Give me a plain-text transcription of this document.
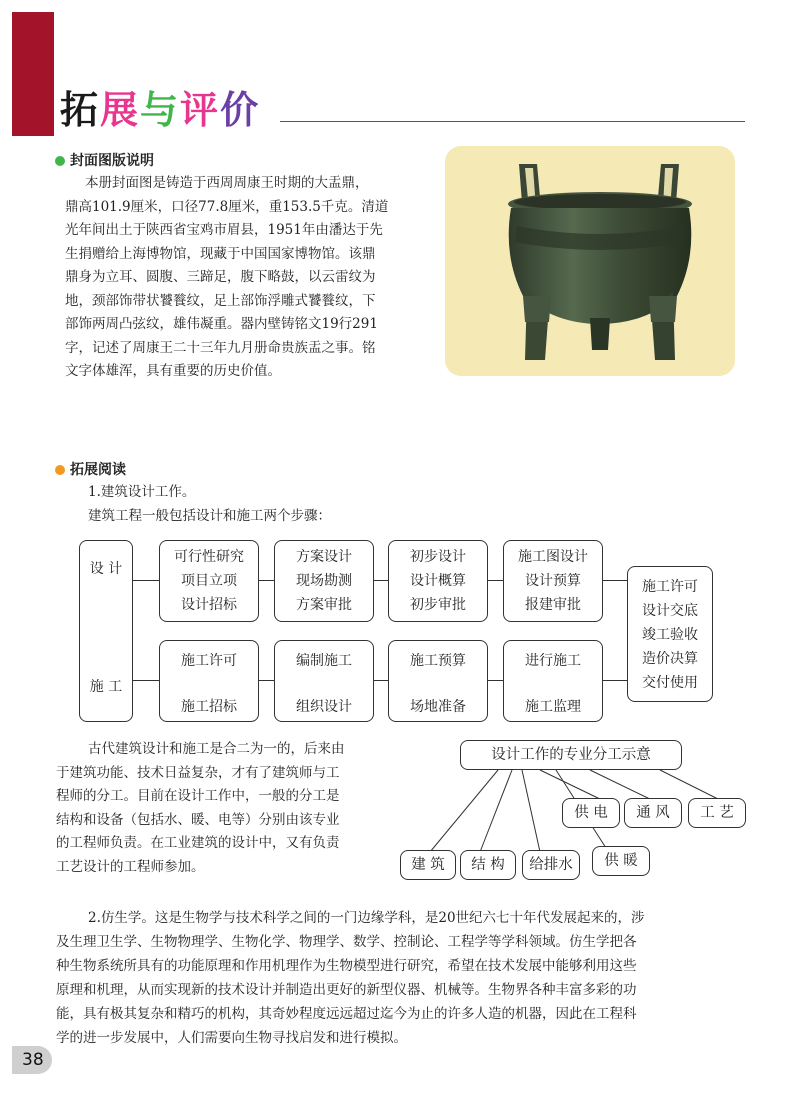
拓展与评价
封面图版说明
本册封面图是铸造于西周周康王时期的大盂鼎，
鼎高101.9厘米，口径77.8厘米，重153.5千克。清道
光年间出土于陕西省宝鸡市眉县，1951年由潘达于先
生捐赠给上海博物馆，现藏于中国国家博物馆。该鼎
鼎身为立耳、圆腹、三蹄足，腹下略鼓，以云雷纹为
地，颈部饰带状饕餮纹，足上部饰浮雕式饕餮纹，下
部饰两周凸弦纹，雄伟凝重。器内壁铸铭文19行291
字，记述了周康王二十三年九月册命贵族盂之事。铭
文字体雄浑，具有重要的历史价值。
拓展阅读
1.建筑设计工作。
建筑工程一般包括设计和施工两个步骤：
设 计
施 工
可行性研究
项目立项
设计招标
方案设计
现场勘测
方案审批
初步设计
设计概算
初步审批
施工图设计
设计预算
报建审批
施工许可
施工招标
编制施工
组织设计
施工预算
场地准备
进行施工
施工监理
施工许可
设计交底
竣工验收
造价决算
交付使用
古代建筑设计和施工是合二为一的，后来由
于建筑功能、技术日益复杂，才有了建筑师与工
程师的分工。目前在设计工作中，一般的分工是
结构和设备（包括水、暖、电等）分别由该专业
的工程师负责。在工业建筑的设计中，又有负责
工艺设计的工程师参加。
设计工作的专业分工示意
建 筑	结 构	给排水
供 电	通 风	工 艺
供 暖
2.仿生学。这是生物学与技术科学之间的一门边缘学科，是20世纪六七十年代发展起来的，涉
及生理卫生学、生物物理学、生物化学、物理学、数学、控制论、工程学等学科领域。仿生学把各
种生物系统所具有的功能原理和作用机理作为生物模型进行研究，希望在技术发展中能够利用这些
原理和机理，从而实现新的技术设计并制造出更好的新型仪器、机械等。生物界各种丰富多彩的功
能，具有极其复杂和精巧的机构，其奇妙程度远远超过迄今为止的许多人造的机器，因此在工程科
学的进一步发展中，人们需要向生物寻找启发和进行模拟。
38
